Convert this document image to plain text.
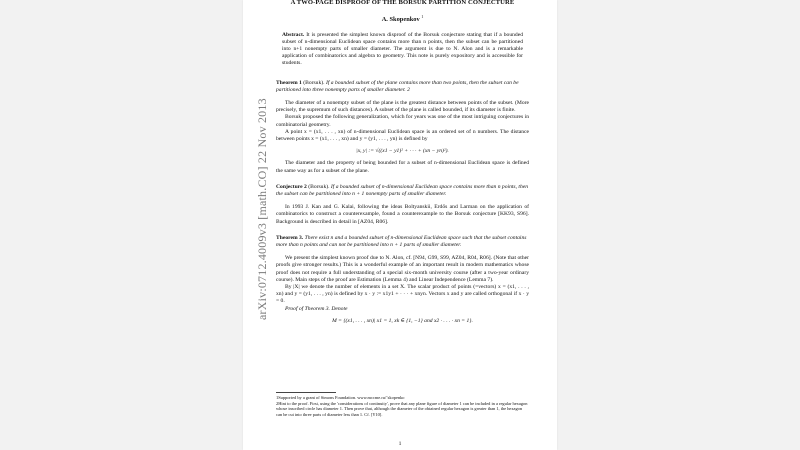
A TWO-PAGE DISPROOF OF THE BORSUK PARTITION CONJECTURE
A. Skopenkov $^1$
Abstract. It is presented the simplest known disproof of the Borsuk conjecture stating that if a bounded subset of n-dimensional Euclidean space contains more than n points, then the subset can be partitioned into n+1 nonempty parts of smaller diameter. The argument is due to N. Alon and is a remarkable application of combinatorics and algebra to geometry. This note is purely expository and is accessible for students.
Theorem 1 (Borsuk). If a bounded subset of the plane contains more than two points, then the subset can be partitioned into three nonempty parts of smaller diameter. 2

The diameter of a nonempty subset of the plane is the greatest distance between points of the subset. (More precisely, the supremum of such distances). A subset of the plane is called bounded, if its diameter is finite.

Borsuk proposed the following generalization, which for years was one of the most intriguing conjectures in combinatorial geometry.

A point x = (x1, . . . , xn) of n-dimensional Euclidean space is an ordered set of n numbers. The distance between points x = (x1, . . . , xn) and y = (y1, . . . , yn) is defined by

|x, y| := √((x1 − y1)² + · · · + (xn − yn)²).

The diameter and the property of being bounded for a subset of n-dimensional Euclidean space is defined the same way as for a subset of the plane.

Conjecture 2 (Borsuk). If a bounded subset of n-dimensional Euclidean space contains more than n points, then the subset can be partitioned into n + 1 nonempty parts of smaller diameter.

In 1993 J. Kan and G. Kalai, following the ideas Boltyanskii, Erdős and Larman on the application of combinatorics to construct a counterexample, found a counterexample to the Borsuk conjecture [KK93, S96]. Background is described in detail in [AZ04, R06].

Theorem 3. There exist n and a bounded subset of n-dimensional Euclidean space such that the subset contains more than n points and can not be partitioned into n + 1 parts of smaller diameter.

We present the simplest known proof due to N. Alon, cf. [N94, G99, S99, AZ04, R04, R06]. (Note that other proofs give stronger results.) This is a wonderful example of an important result in modern mathematics whose proof does not require a full understanding of a special six-month university course (after a two-year ordinary course). Main steps of the proof are Estimation (Lemma 4) and Linear Independence (Lemma 7).

By |X| we denote the number of elements in a set X. The scalar product of points (=vectors) x = (x1, . . . , xn) and y = (y1, . . . , yn) is defined by x · y := x1y1 + · · · + xnyn. Vectors x and y are called orthogonal if x · y = 0.

Proof of Theorem 3. Denote

M = {(x1, . . . , xn)| x1 = 1, xk ∈ {1, −1} and x2 · . . . · xn = 1}.
1Supported by a grant of Simons Foundation. www.mccme.ru/˜skopenko
2Hint to the proof. First, using the 'considerations of continuity', prove that any plane figure of diameter 1 can be included in a regular hexagon whose inscribed circle has diameter 1. Then prove that, although the diameter of the obtained regular hexagon is greater than 1, the hexagon can be cut into three parts of diameter less than 1. Cf. [Y10].
1
arXiv:0712.4009v3 [math.CO] 22 Nov 2013
